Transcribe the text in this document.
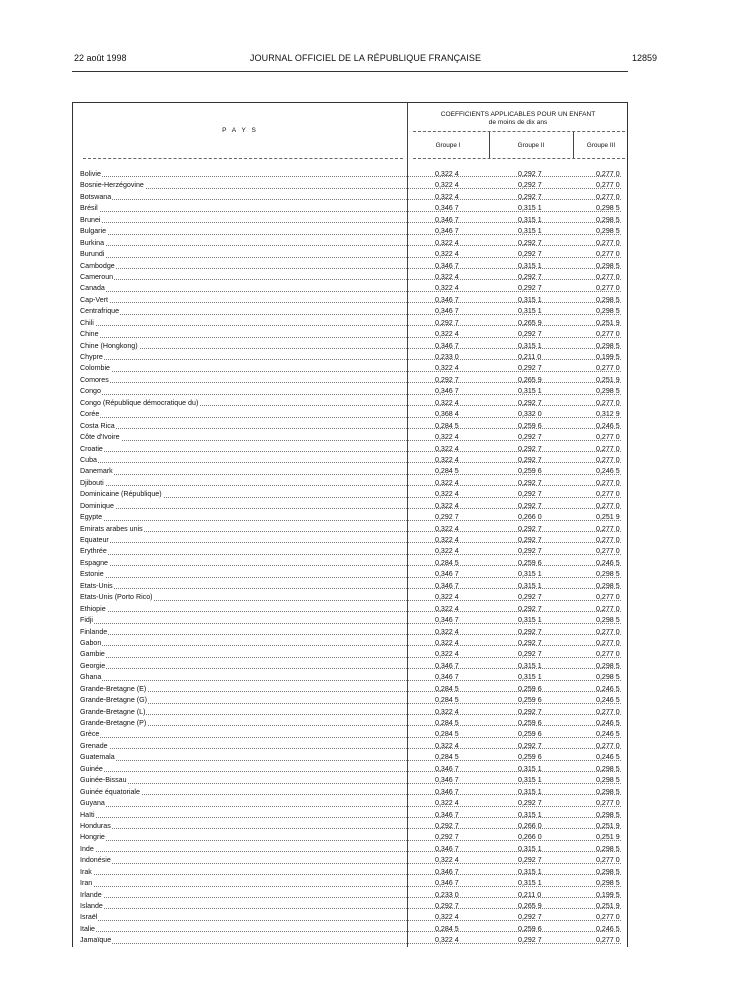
22 août 1998	JOURNAL OFFICIEL DE LA RÉPUBLIQUE FRANÇAISE	12859
P A Y S
COEFFICIENTS APPLICABLES POUR UN ENFANT
de moins de dix ans
Groupe I	Groupe II	Groupe III
Bolivie	0,322 4	0,292 7	0,277 0
Bosnie-Herzégovine	0,322 4	0,292 7	0,277 0
Botswana	0,322 4	0,292 7	0,277 0
Brésil	0,346 7	0,315 1	0,298 5
Brunei	0,346 7	0,315 1	0,298 5
Bulgarie	0,346 7	0,315 1	0,298 5
Burkina	0,322 4	0,292 7	0,277 0
Burundi	0,322 4	0,292 7	0,277 0
Cambodge	0,346 7	0,315 1	0,298 5
Cameroun	0,322 4	0,292 7	0,277 0
Canada	0,322 4	0,292 7	0,277 0
Cap-Vert	0,346 7	0,315 1	0,298 5
Centrafrique	0,346 7	0,315 1	0,298 5
Chili	0,292 7	0,265 9	0,251 9
Chine	0,322 4	0,292 7	0,277 0
Chine (Hongkong)	0,346 7	0,315 1	0,298 5
Chypre	0,233 0	0,211 0	0,199 5
Colombie	0,322 4	0,292 7	0,277 0
Comores	0,292 7	0,265 9	0,251 9
Congo	0,346 7	0,315 1	0,298 5
Congo (République démocratique du)	0,322 4	0,292 7	0,277 0
Corée	0,368 4	0,332 0	0,312 9
Costa Rica	0,284 5	0,259 6	0,246 5
Côte d'Ivoire	0,322 4	0,292 7	0,277 0
Croatie	0,322 4	0,292 7	0,277 0
Cuba	0,322 4	0,292 7	0,277 0
Danemark	0,284 5	0,259 6	0,246 5
Djibouti	0,322 4	0,292 7	0,277 0
Dominicaine (République)	0,322 4	0,292 7	0,277 0
Dominique	0,322 4	0,292 7	0,277 0
Egypte	0,292 7	0,266 0	0,251 9
Emirats arabes unis	0,322 4	0,292 7	0,277 0
Equateur	0,322 4	0,292 7	0,277 0
Erythrée	0,322 4	0,292 7	0,277 0
Espagne	0,284 5	0,259 6	0,246 5
Estonie	0,346 7	0,315 1	0,298 5
Etats-Unis	0,346 7	0,315 1	0,298 5
Etats-Unis (Porto Rico)	0,322 4	0,292 7	0,277 0
Ethiopie	0,322 4	0,292 7	0,277 0
Fidji	0,346 7	0,315 1	0,298 5
Finlande	0,322 4	0,292 7	0,277 0
Gabon	0,322 4	0,292 7	0,277 0
Gambie	0,322 4	0,292 7	0,277 0
Georgie	0,346 7	0,315 1	0,298 5
Ghana	0,346 7	0,315 1	0,298 5
Grande-Bretagne (E)	0,284 5	0,259 6	0,246 5
Grande-Bretagne (G)	0,284 5	0,259 6	0,246 5
Grande-Bretagne (L)	0,322 4	0,292 7	0,277 0
Grande-Bretagne (P)	0,284 5	0,259 6	0,246 5
Grèce	0,284 5	0,259 6	0,246 5
Grenade	0,322 4	0,292 7	0,277 0
Guatemala	0,284 5	0,259 6	0,246 5
Guinée	0,346 7	0,315 1	0,298 5
Guinée-Bissau	0,346 7	0,315 1	0,298 5
Guinée équatoriale	0,346 7	0,315 1	0,298 5
Guyana	0,322 4	0,292 7	0,277 0
Haïti	0,346 7	0,315 1	0,298 5
Honduras	0,292 7	0,266 0	0,251 9
Hongrie	0,292 7	0,266 0	0,251 9
Inde	0,346 7	0,315 1	0,298 5
Indonésie	0,322 4	0,292 7	0,277 0
Irak	0,346 7	0,315 1	0,298 5
Iran	0,346 7	0,315 1	0,298 5
Irlande	0,233 0	0,211 0	0,199 5
Islande	0,292 7	0,265 9	0,251 9
Israël	0,322 4	0,292 7	0,277 0
Italie	0,284 5	0,259 6	0,246 5
Jamaïque	0,322 4	0,292 7	0,277 0
